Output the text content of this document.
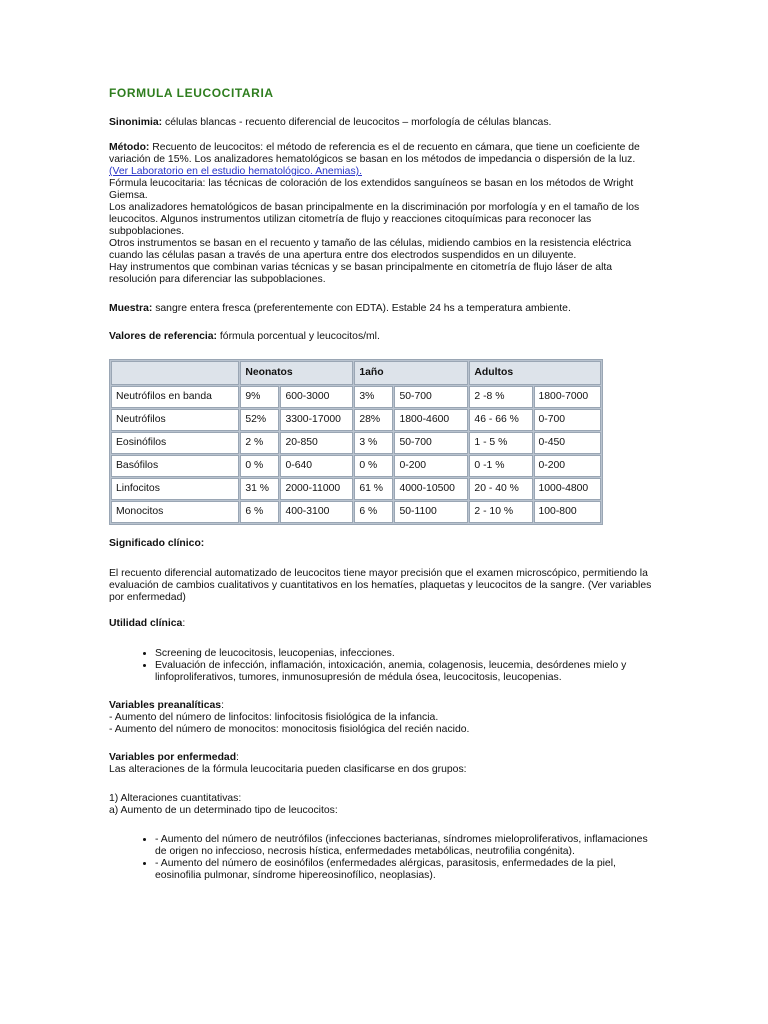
FORMULA LEUCOCITARIA

Sinonimia: células blancas - recuento diferencial de leucocitos – morfología de células blancas.

Método: Recuento de leucocitos: el método de referencia es el de recuento en cámara, que tiene un coeficiente de variación de 15%. Los analizadores hematológicos se basan en los métodos de impedancia o dispersión de la luz.

(Ver Laboratorio en el estudio hematológico. Anemias).

Fórmula leucocitaria: las técnicas de coloración de los extendidos sanguíneos se basan en los métodos de Wright Giemsa.

Los analizadores hematológicos de basan principalmente en la discriminación por morfología y en el tamaño de los leucocitos. Algunos instrumentos utilizan citometría de flujo y reacciones citoquímicas para reconocer las subpoblaciones.

Otros instrumentos se basan en el recuento y tamaño de las células, midiendo cambios en la resistencia eléctrica cuando las células pasan a través de una apertura entre dos electrodos suspendidos en un diluyente.

Hay instrumentos que combinan varias técnicas y se basan principalmente en citometría de flujo láser de alta resolución para diferenciar las subpoblaciones.

Muestra: sangre entera fresca (preferentemente con EDTA). Estable 24 hs a temperatura ambiente.

Valores de referencia: fórmula porcentual y leucocitos/ml.

	Neonatos		1año		Adultos	
Neutrófilos en banda	9%	600-3000	3%	50-700	2 -8 %	1800-7000
Neutrófilos	52%	3300-17000	28%	1800-4600	46 - 66 %	0-700
Eosinófilos	2 %	20-850	3 %	50-700	1 - 5 %	0-450
Basófilos	0 %	0-640	0 %	0-200	0 -1 %	0-200
Linfocitos	31 %	2000-11000	61 %	4000-10500	20 - 40 %	1000-4800
Monocitos	6 %	400-3100	6 %	50-1100	2 - 10 %	100-800

Significado clínico:

El recuento diferencial automatizado de leucocitos tiene mayor precisión que el examen microscópico, permitiendo la evaluación de cambios cualitativos y cuantitativos en los hematíes, plaquetas y leucocitos de la sangre. (Ver variables por enfermedad)

Utilidad clínica:

• Screening de leucocitosis, leucopenias, infecciones.
• Evaluación de infección, inflamación, intoxicación, anemia, colagenosis, leucemia, desórdenes mielo y linfoproliferativos, tumores, inmunosupresión de médula ósea, leucocitosis, leucopenias.

Variables preanalíticas:

- Aumento del número de linfocitos: linfocitosis fisiológica de la infancia.

- Aumento del número de monocitos: monocitosis fisiológica del recién nacido.

Variables por enfermedad:

Las alteraciones de la fórmula leucocitaria pueden clasificarse en dos grupos:

1) Alteraciones cuantitativas:

a) Aumento de un determinado tipo de leucocitos:

• - Aumento del número de neutrófilos (infecciones bacterianas, síndromes mieloproliferativos, inflamaciones de origen no infeccioso, necrosis hística, enfermedades metabólicas, neutrofilia congénita).
• - Aumento del número de eosinófilos (enfermedades alérgicas, parasitosis, enfermedades de la piel, eosinofilia pulmonar, síndrome hipereosinofílico, neoplasias).
